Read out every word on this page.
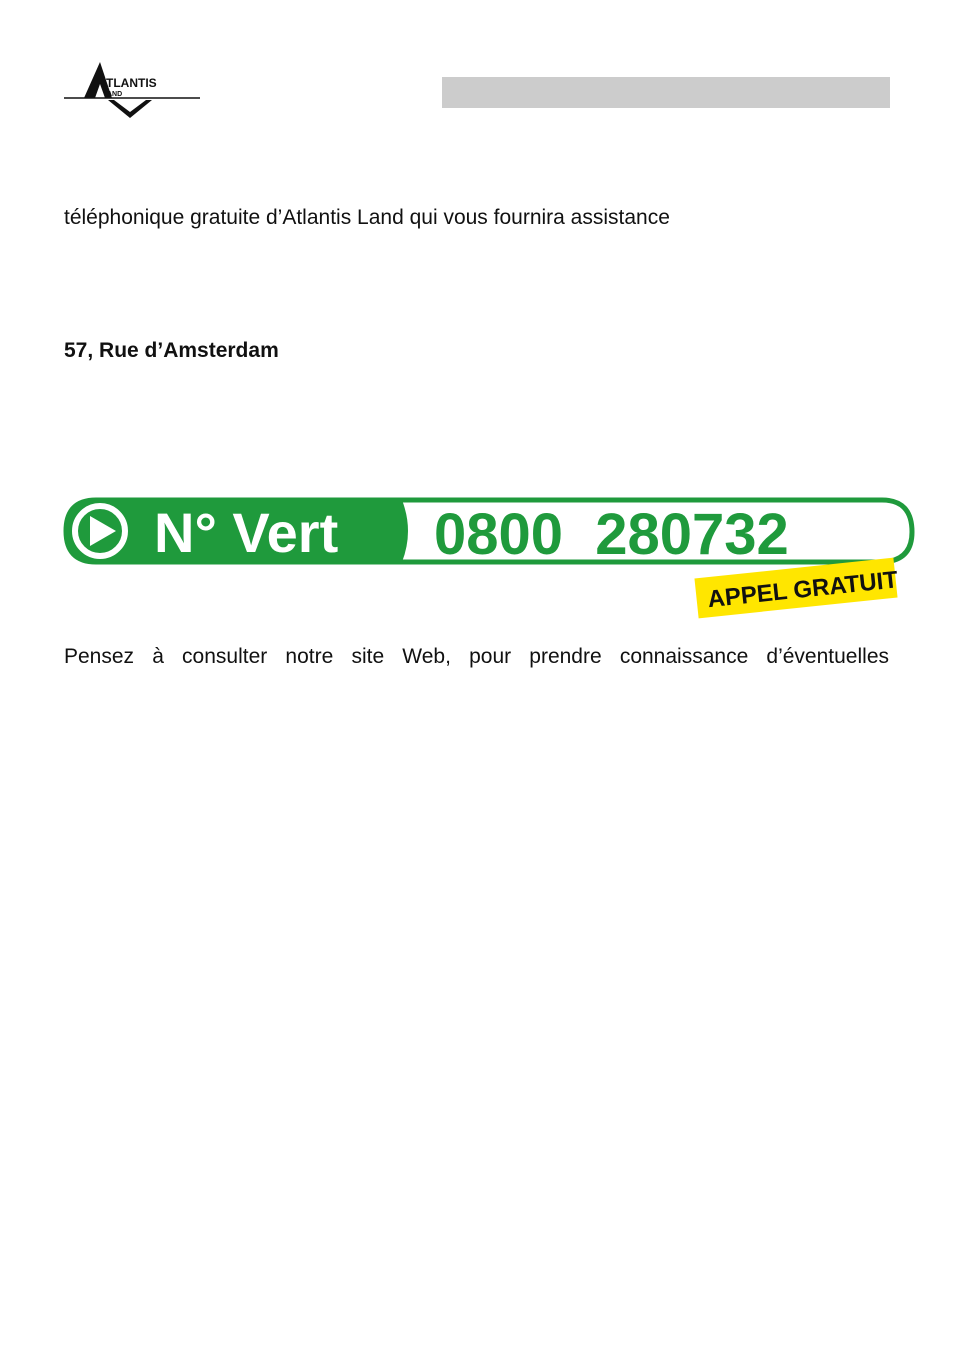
TLANTIS
AND
téléphonique gratuite d’Atlantis Land qui vous fournira assistance
57, Rue d’Amsterdam
N° Vert 0800  280732
APPEL GRATUIT
Pensez à consulter notre site Web, pour prendre connaissance d’éventuelles
